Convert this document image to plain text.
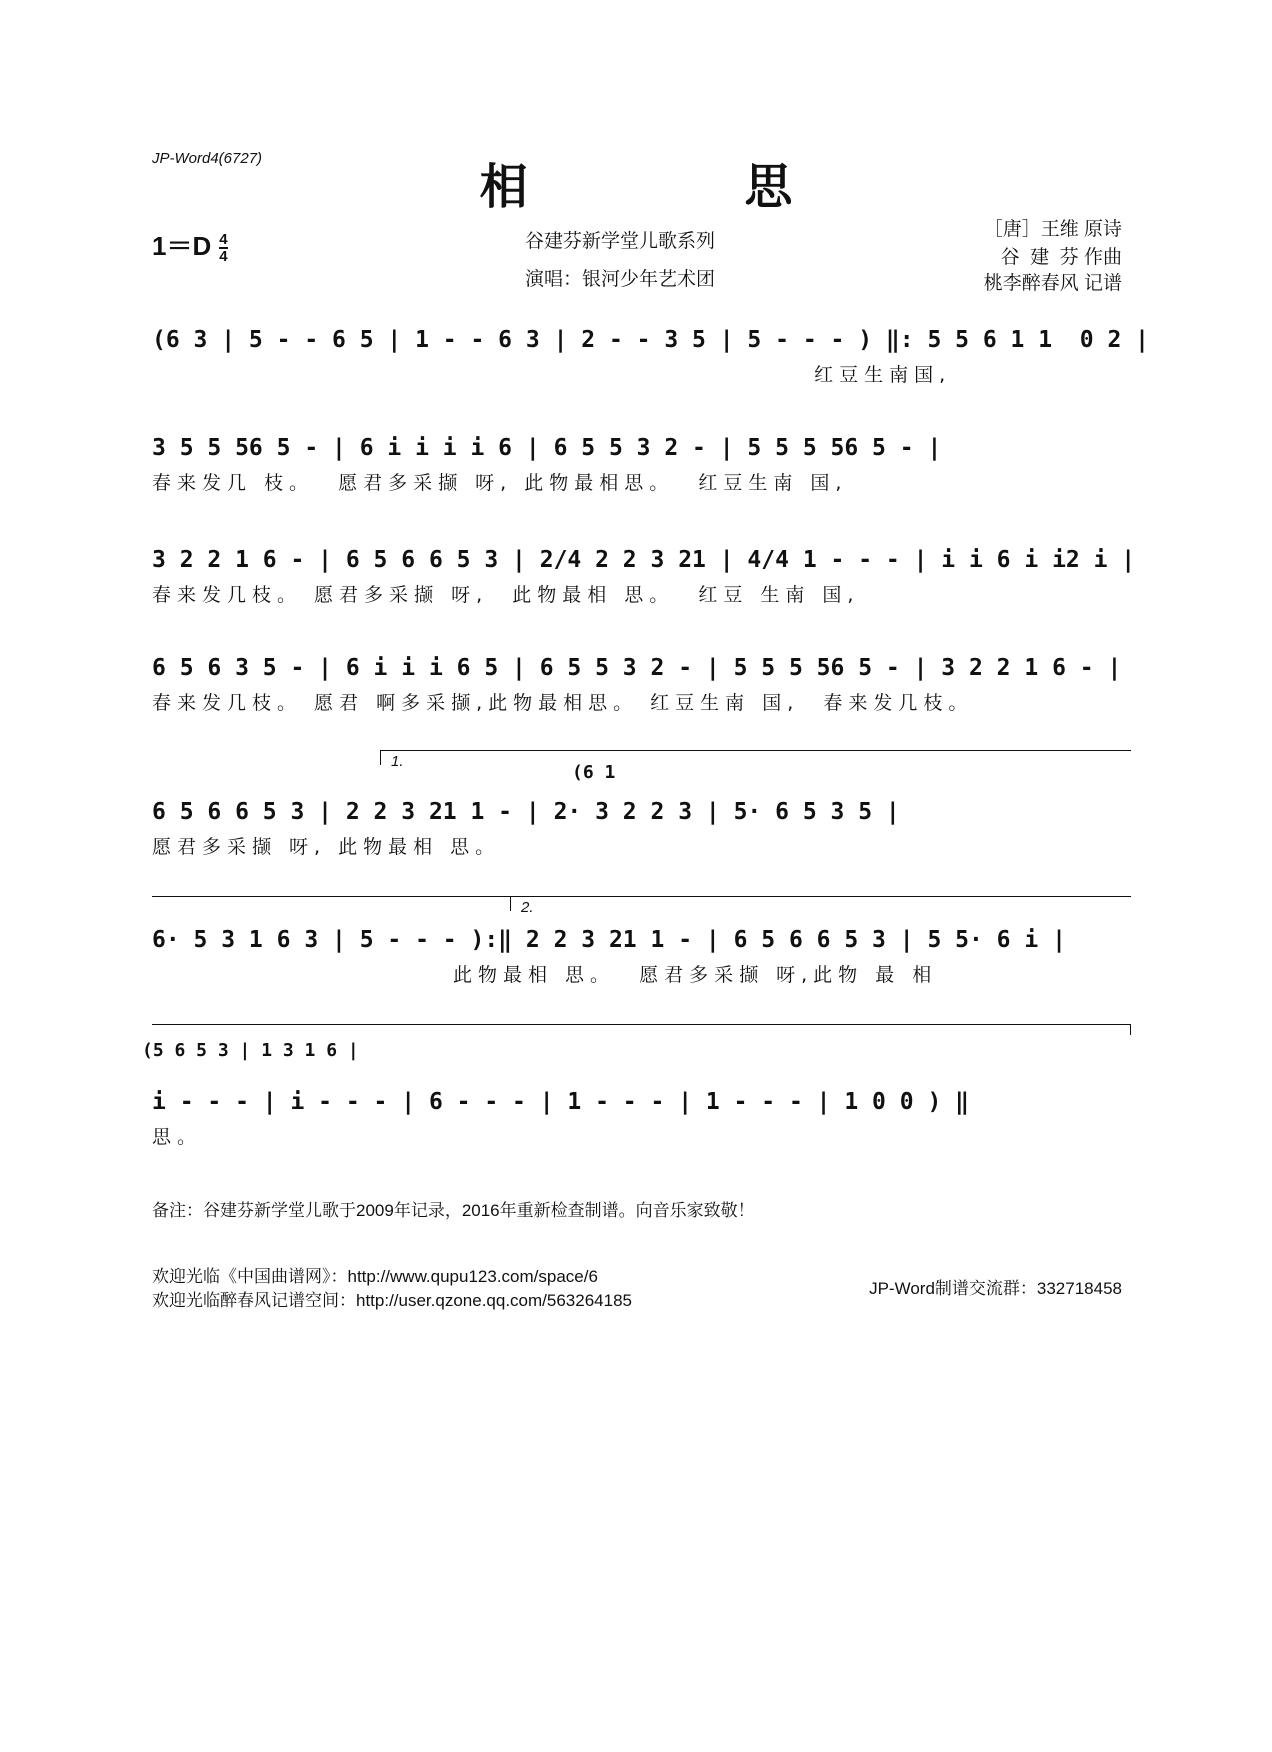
JP-Word4(6727)
相 思
$1=D \frac{4}{4}$	谷建芬新学堂儿歌系列
演唱：银河少年艺术团
［唐］王维 原诗
谷  建  芬 作曲
桃李醉春风 记谱
(6 3 | 5 - - 6 5 | 1 - - 6 3 | 2 - - 3 5 | 5 - - - ) ‖: 5 5 6 1 1  0 2 |
红豆生南国,
3 5 5 56 5 - | 6 i i i i 6 | 6 5 5 3 2 - | 5 5 5 56 5 - |
春来发几 枝。  愿君多采撷 呀, 此物最相思。  红豆生南 国,
3 2 2 1 6 - | 6 5 6 6 5 3 | 2/4 2 2 3 21 | 4/4 1 - - - | i i 6 i i2 i |
春来发几枝。 愿君多采撷 呀,  此物最相 思。  红豆 生南 国,
6 5 6 3 5 - | 6 i i i 6 5 | 6 5 5 3 2 - | 5 5 5 56 5 - | 3 2 2 1 6 - |
春来发几枝。 愿君 啊多采撷,此物最相思。 红豆生南 国,  春来发几枝。
1.
(6 1
6 5 6 6 5 3 | 2 2 3 21 1 - | 2· 3 2 2 3 | 5· 6 5 3 5 |
愿君多采撷 呀, 此物最相 思。
2.
6· 5 3 1 6 3 | 5 - - - ):‖ 2 2 3 21 1 - | 6 5 6 6 5 3 | 5 5· 6 i |
此物最相 思。  愿君多采撷 呀,此物 最 相
(5 6 5 3 | 1 3 1 6 |
i - - - | i - - - | 6 - - - | 1 - - - | 1 - - - | 1 0 0 ) ‖
思。
备注：谷建芬新学堂儿歌于2009年记录，2016年重新检查制谱。向音乐家致敬！
欢迎光临《中国曲谱网》：http://www.qupu123.com/space/6
欢迎光临醉春风记谱空间：http://user.qzone.qq.com/563264185
JP-Word制谱交流群：332718458
